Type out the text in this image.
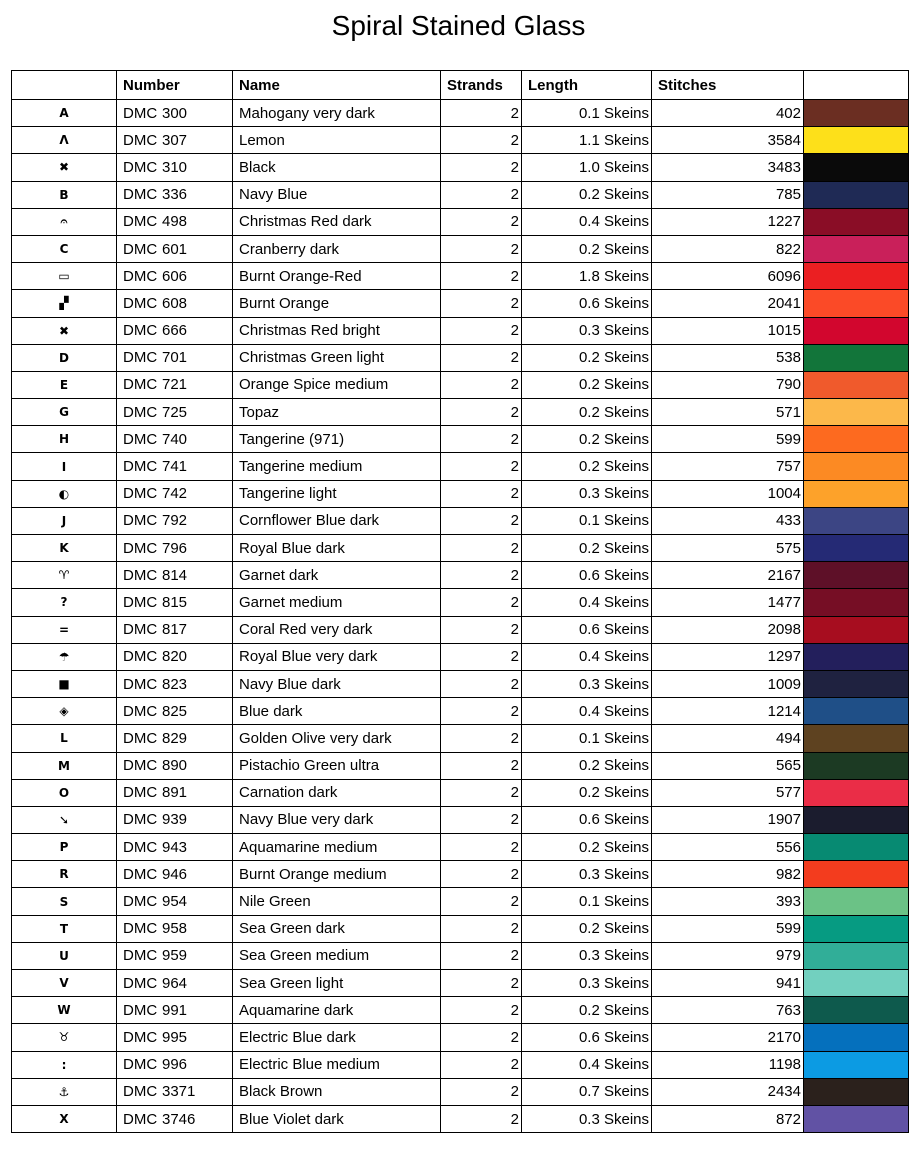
Spiral Stained Glass
	Number	Name	Strands	Length	Stitches	
A	DMC 300	Mahogany very dark	2	0.1 Skeins	402	

Λ	DMC 307	Lemon	2	1.1 Skeins	3584	

✖	DMC 310	Black	2	1.0 Skeins	3483	

B	DMC 336	Navy Blue	2	0.2 Skeins	785	

𝄐	DMC 498	Christmas Red dark	2	0.4 Skeins	1227	

C	DMC 601	Cranberry dark	2	0.2 Skeins	822	

▭	DMC 606	Burnt Orange-Red	2	1.8 Skeins	6096	

▞	DMC 608	Burnt Orange	2	0.6 Skeins	2041	

✖	DMC 666	Christmas Red bright	2	0.3 Skeins	1015	

D	DMC 701	Christmas Green light	2	0.2 Skeins	538	

E	DMC 721	Orange Spice medium	2	0.2 Skeins	790	

G	DMC 725	Topaz	2	0.2 Skeins	571	

H	DMC 740	Tangerine (971)	2	0.2 Skeins	599	

I	DMC 741	Tangerine medium	2	0.2 Skeins	757	

◐	DMC 742	Tangerine light	2	0.3 Skeins	1004	

J	DMC 792	Cornflower Blue dark	2	0.1 Skeins	433	

K	DMC 796	Royal Blue dark	2	0.2 Skeins	575	

♈	DMC 814	Garnet dark	2	0.6 Skeins	2167	

?	DMC 815	Garnet medium	2	0.4 Skeins	1477	

=	DMC 817	Coral Red very dark	2	0.6 Skeins	2098	

☂	DMC 820	Royal Blue very dark	2	0.4 Skeins	1297	

■	DMC 823	Navy Blue dark	2	0.3 Skeins	1009	

◈	DMC 825	Blue dark	2	0.4 Skeins	1214	

L	DMC 829	Golden Olive very dark	2	0.1 Skeins	494	

M	DMC 890	Pistachio Green ultra	2	0.2 Skeins	565	

O	DMC 891	Carnation dark	2	0.2 Skeins	577	

➘	DMC 939	Navy Blue very dark	2	0.6 Skeins	1907	

P	DMC 943	Aquamarine medium	2	0.2 Skeins	556	

R	DMC 946	Burnt Orange medium	2	0.3 Skeins	982	

S	DMC 954	Nile Green	2	0.1 Skeins	393	

T	DMC 958	Sea Green dark	2	0.2 Skeins	599	

U	DMC 959	Sea Green medium	2	0.3 Skeins	979	

V	DMC 964	Sea Green light	2	0.3 Skeins	941	

W	DMC 991	Aquamarine dark	2	0.2 Skeins	763	

♉	DMC 995	Electric Blue dark	2	0.6 Skeins	2170	

:	DMC 996	Electric Blue medium	2	0.4 Skeins	1198	

⚓	DMC 3371	Black Brown	2	0.7 Skeins	2434	

X	DMC 3746	Blue Violet dark	2	0.3 Skeins	872	
